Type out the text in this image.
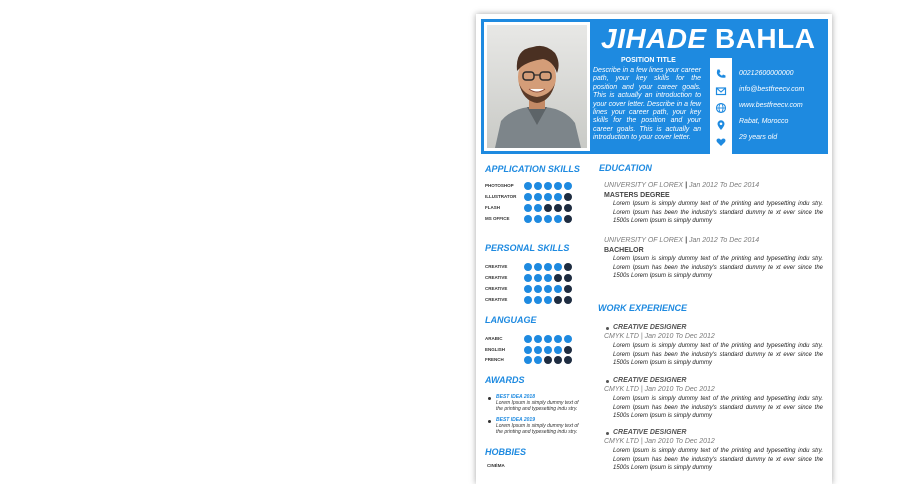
JIHADE BAHLA
POSITION TITLE
Describe in a few lines your career path, your key skills for the position and your career goals. This is actually an introduction to your cover letter. Describe in a few lines your career path, your key skills for the position and your career goals. This is actually an introduction to your cover letter.
00212600000000
info@bestfreecv.com
www.bestfreecv.com
Rabat, Morocco
29 years old
APPLICATION SKILLS
PHOTOSHOP
ILLUSTRATOR
FLASH
MS OFFICE
PERSONAL SKILLS
CREATIVE
CREATIVE
CREATIVE
CREATIVE
LANGUAGE
ARABIC
ENGLISH
FRENCH
AWARDS
BEST IDEA 2018
Lorem Ipsum is simply dummy text of the printing and typesetting indu stry.
BEST IDEA 2019
Lorem Ipsum is simply dummy text of the printing and typesetting indu stry.
HOBBIES
CINÉMA
EDUCATION
UNIVERSITY OF LOREX | Jan 2012 To Dec 2014
MASTERS DEGREE
Lorem Ipsum is simply dummy text of the printing and typesetting indu stry. Lorem Ipsum has been the industry's standard dummy te xt ever since the 1500s Lorem Ipsum is simply dummy
UNIVERSITY OF LOREX | Jan 2012 To Dec 2014
BACHELOR
Lorem Ipsum is simply dummy text of the printing and typesetting indu stry. Lorem Ipsum has been the industry's standard dummy te xt ever since the 1500s Lorem Ipsum is simply dummy
WORK EXPERIENCE
CREATIVE DESIGNER
CMYK LTD | Jan 2010 To Dec 2012
Lorem Ipsum is simply dummy text of the printing and typesetting indu stry. Lorem Ipsum has been the industry's standard dummy te xt ever since the 1500s Lorem Ipsum is simply dummy
CREATIVE DESIGNER
CMYK LTD | Jan 2010 To Dec 2012
Lorem Ipsum is simply dummy text of the printing and typesetting indu stry. Lorem Ipsum has been the industry's standard dummy te xt ever since the 1500s Lorem Ipsum is simply dummy
CREATIVE DESIGNER
CMYK LTD | Jan 2010 To Dec 2012
Lorem Ipsum is simply dummy text of the printing and typesetting indu stry. Lorem Ipsum has been the industry's standard dummy te xt ever since the 1500s Lorem Ipsum is simply dummy
